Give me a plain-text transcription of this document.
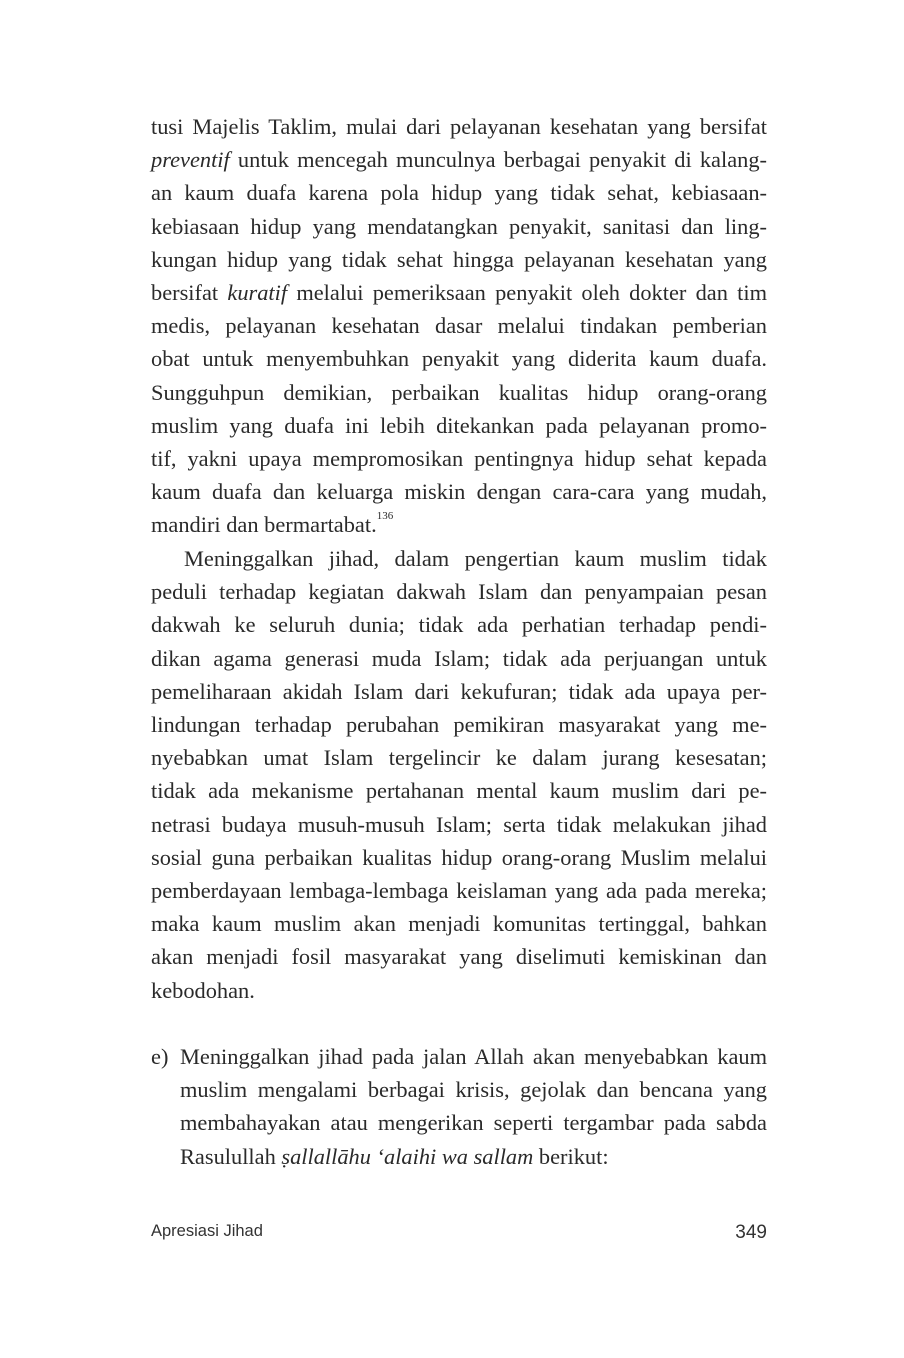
tusi Majelis Taklim, mulai dari pelayanan kesehatan yang bersifat
preventif untuk mencegah munculnya berbagai penyakit di kalang-
an kaum duafa karena pola hidup yang tidak sehat, kebiasaan-
kebiasaan hidup yang mendatangkan penyakit, sanitasi dan ling-
kungan hidup yang tidak sehat hingga pelayanan kesehatan yang
bersifat kuratif melalui pemeriksaan penyakit oleh dokter dan tim
medis, pelayanan kesehatan dasar melalui tindakan pemberian
obat untuk menyembuhkan penyakit yang diderita kaum duafa.
Sungguhpun demikian, perbaikan kualitas hidup orang-orang
muslim yang duafa ini lebih ditekankan pada pelayanan promo-
tif, yakni upaya mempromosikan pentingnya hidup sehat kepada
kaum duafa dan keluarga miskin dengan cara-cara yang mudah,
mandiri dan bermartabat.$^{136}$
Meninggalkan jihad, dalam pengertian kaum muslim tidak
peduli terhadap kegiatan dakwah Islam dan penyampaian pesan
dakwah ke seluruh dunia; tidak ada perhatian terhadap pendi-
dikan agama generasi muda Islam; tidak ada perjuangan untuk
pemeliharaan akidah Islam dari kekufuran; tidak ada upaya per-
lindungan terhadap perubahan pemikiran masyarakat yang me-
nyebabkan umat Islam tergelincir ke dalam jurang kesesatan;
tidak ada mekanisme pertahanan mental kaum muslim dari pe-
netrasi budaya musuh-musuh Islam; serta tidak melakukan jihad
sosial guna perbaikan kualitas hidup orang-orang Muslim melalui
pemberdayaan lembaga-lembaga keislaman yang ada pada mereka;
maka kaum muslim akan menjadi komunitas tertinggal, bahkan
akan menjadi fosil masyarakat yang diselimuti kemiskinan dan
kebodohan.
e) Meninggalkan jihad pada jalan Allah akan menyebabkan kaum
muslim mengalami berbagai krisis, gejolak dan bencana yang
membahayakan atau mengerikan seperti tergambar pada sabda
Rasulullah ṣallallāhu ‘alaihi wa sallam berikut:
Apresiasi Jihad	349
